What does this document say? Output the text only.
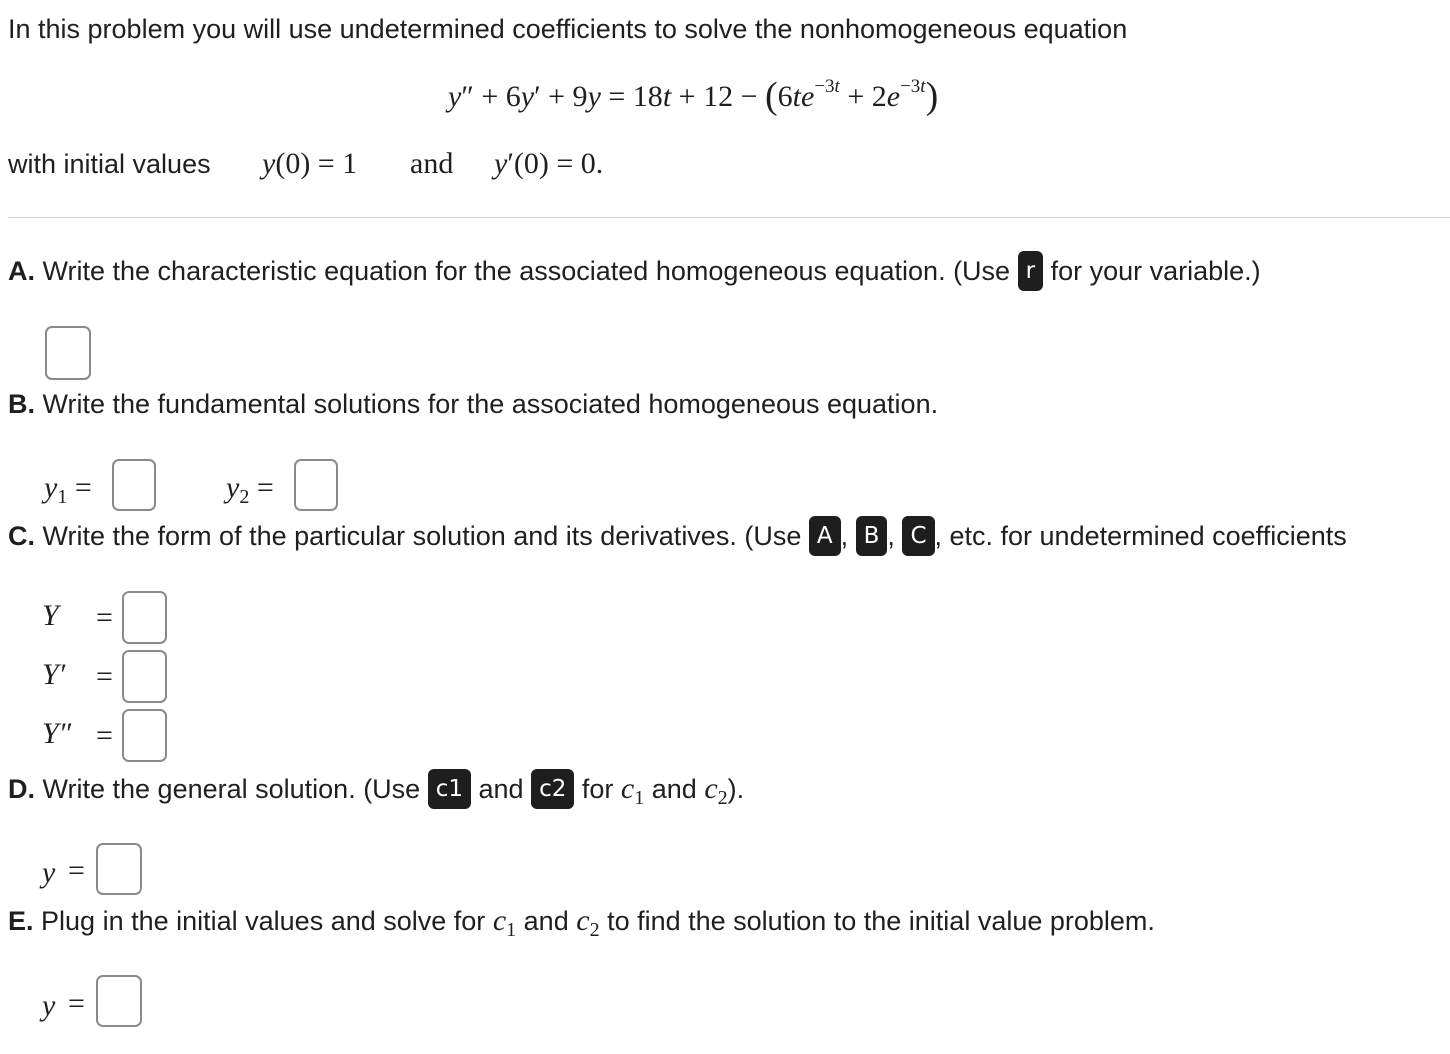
In this problem you will use undetermined coefficients to solve the nonhomogeneous equation
$y'' + 6y' + 9y = 18t + 12 - (6te^{-3t} + 2e^{-3t})$
with initial values y(0) = 1 and y′(0) = 0.
A. Write the characteristic equation for the associated homogeneous equation. (Use r for your variable.)
B. Write the fundamental solutions for the associated homogeneous equation.
$y_1$ =	$y_2$ =
C. Write the form of the particular solution and its derivatives. (Use A , B , C , etc. for undetermined coefficients
Y =
Y′ =
Y″ =
D. Write the general solution. (Use c1 and c2 for $c_1$ and $c_2$).
y =
E. Plug in the initial values and solve for $c_1$ and $c_2$ to find the solution to the initial value problem.
y =
